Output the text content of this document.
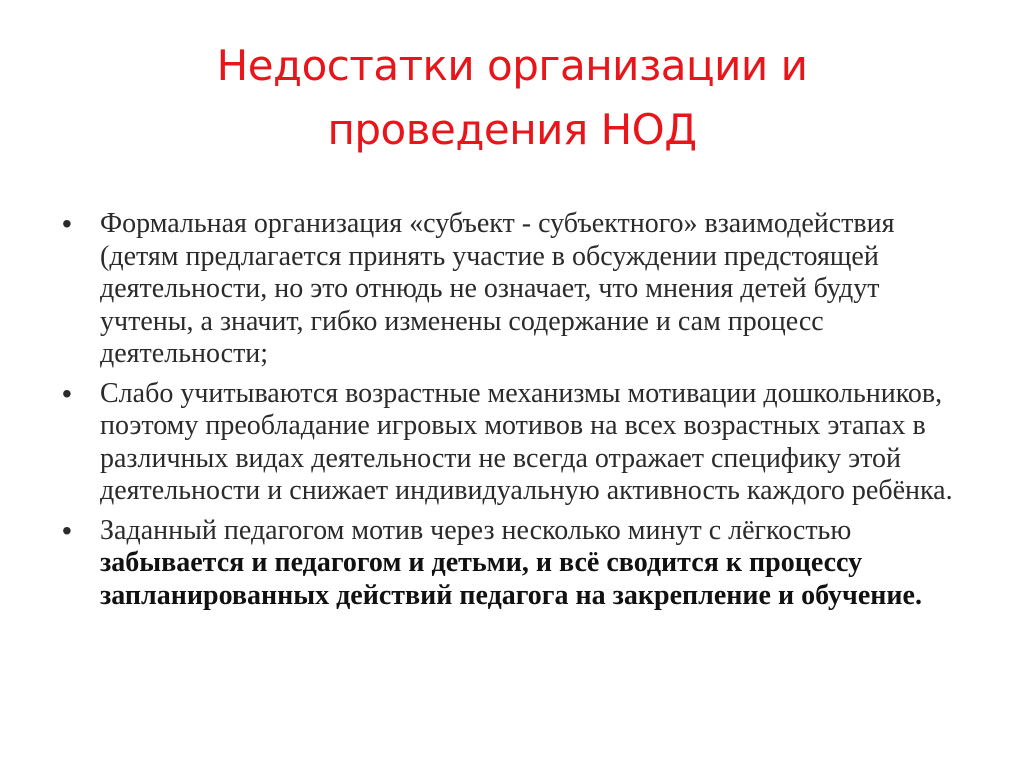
Недостатки организации и
проведения НОД
• Формальная организация «субъект - субъектного» взаимодействия (детям предлагается принять участие в обсуждении предстоящей деятельности, но это отнюдь не означает, что мнения детей будут учтены, а значит, гибко изменены содержание и сам процесс деятельности;
• Слабо учитываются возрастные механизмы мотивации дошкольников, поэтому преобладание игровых мотивов на всех возрастных этапах в различных видах деятельности не всегда отражает специфику этой деятельности и снижает индивидуальную активность каждого ребёнка.
• Заданный педагогом мотив через несколько минут с лёгкостью забывается и педагогом и детьми, и всё сводится к процессу запланированных действий педагога на закрепление и обучение.
